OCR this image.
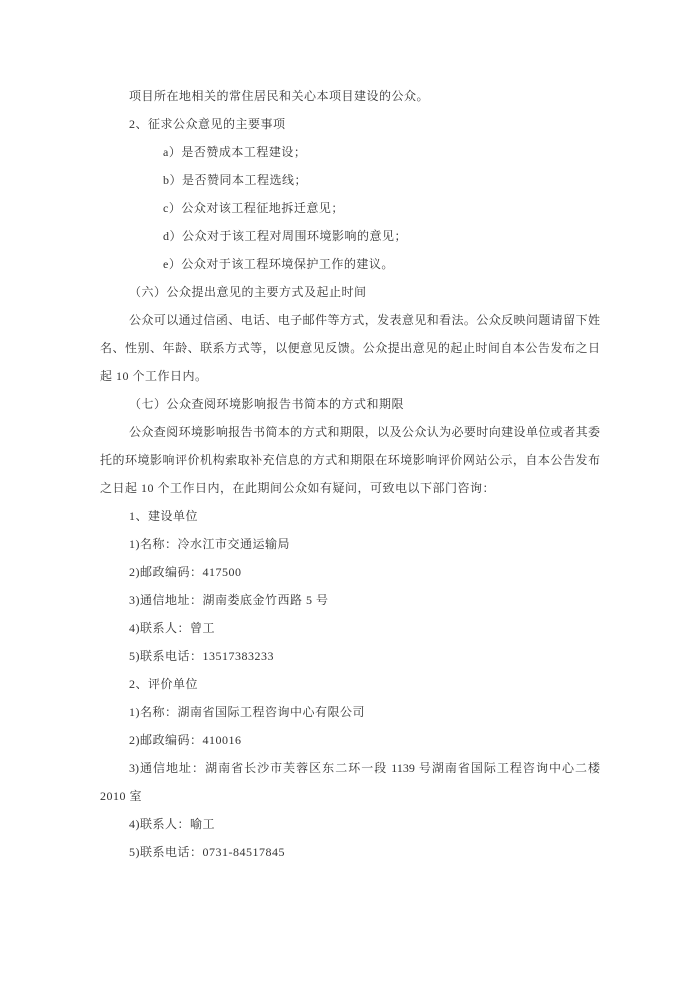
项目所在地相关的常住居民和关心本项目建设的公众。
2、征求公众意见的主要事项
a）是否赞成本工程建设；
b）是否赞同本工程选线；
c）公众对该工程征地拆迁意见；
d）公众对于该工程对周围环境影响的意见；
e）公众对于该工程环境保护工作的建议。
（六）公众提出意见的主要方式及起止时间
公众可以通过信函、电话、电子邮件等方式，发表意见和看法。公众反映问题请留下姓
名、性别、年龄、联系方式等，以便意见反馈。公众提出意见的起止时间自本公告发布之日
起 10 个工作日内。
（七）公众查阅环境影响报告书简本的方式和期限
公众查阅环境影响报告书简本的方式和期限，以及公众认为必要时向建设单位或者其委
托的环境影响评价机构索取补充信息的方式和期限在环境影响评价网站公示，自本公告发布
之日起 10 个工作日内，在此期间公众如有疑问，可致电以下部门咨询：
1、建设单位
1)名称：冷水江市交通运输局
2)邮政编码：417500
3)通信地址：湖南娄底金竹西路 5 号
4)联系人：曾工
5)联系电话：13517383233
2、评价单位
1)名称：湖南省国际工程咨询中心有限公司
2)邮政编码：410016
3)通信地址：湖南省长沙市芙蓉区东二环一段 1139 号湖南省国际工程咨询中心二楼
2010 室
4)联系人：喻工
5)联系电话：0731-84517845
